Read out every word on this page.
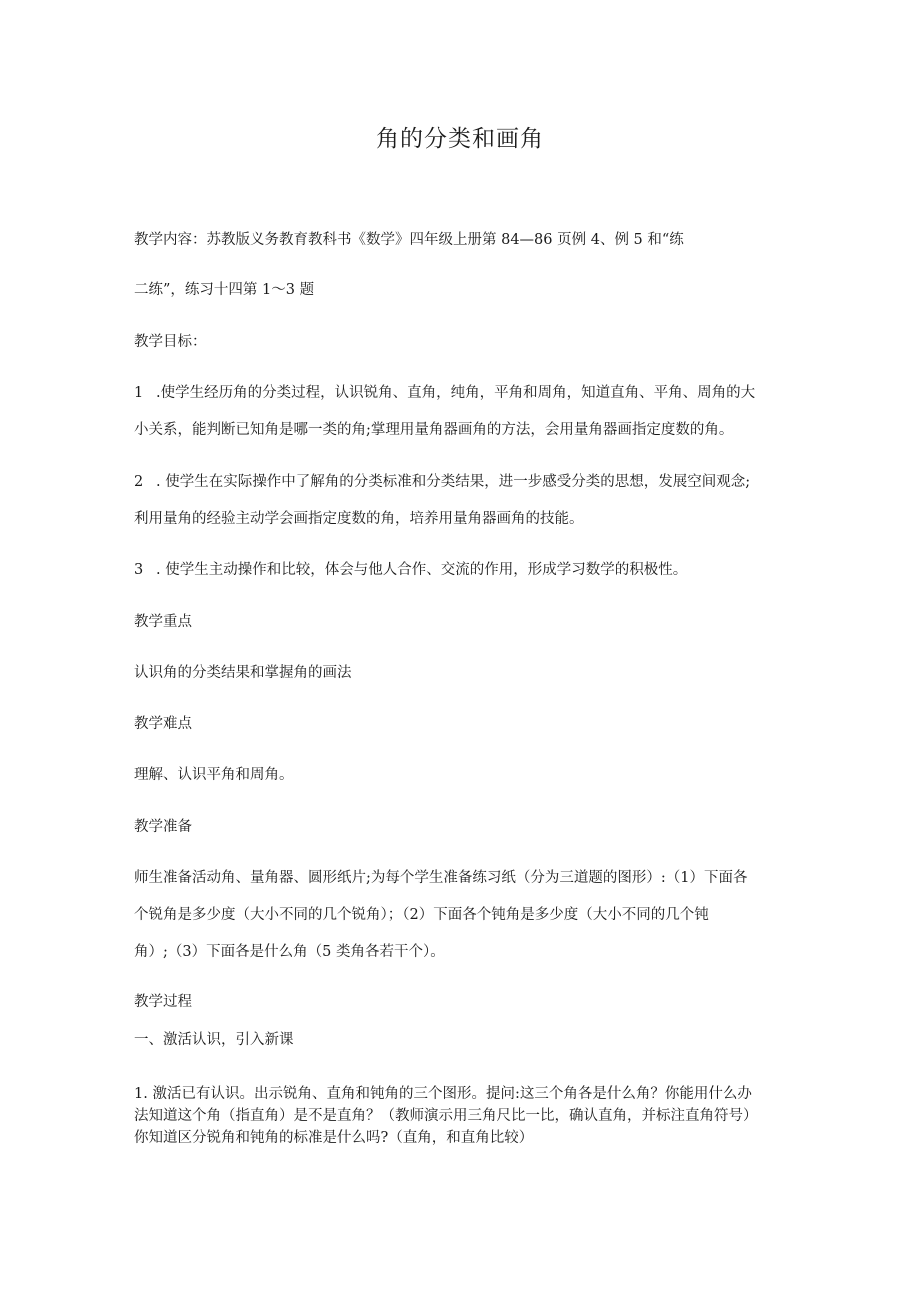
角的分类和画角
教学内容：苏教版义务教育教科书《数学》四年级上册第 84—86 页例 4、例 5 和“练
二练”，练习十四第 1～3 题
教学目标：
1 .使学生经历角的分类过程，认识锐角、直角，纯角，平角和周角，知道直角、平角、周角的大
小关系，能判断已知角是哪一类的角;掌理用量角器画角的方法，会用量角器画指定度数的角。
2 . 使学生在实际操作中了解角的分类标准和分类结果，进一步感受分类的思想，发展空间观念;
利用量角的经验主动学会画指定度数的角，培养用量角器画角的技能。
3 . 使学生主动操作和比较，体会与他人合作、交流的作用，形成学习数学的积极性。
教学重点
认识角的分类结果和掌握角的画法
教学难点
理解、认识平角和周角。
教学准备
师生准备活动角、量角器、圆形纸片;为每个学生准备练习纸（分为三道题的图形）:（1）下面各
个锐角是多少度（大小不同的几个锐角）；（2）下面各个钝角是多少度（大小不同的几个钝
角）;（3）下面各是什么角（5 类角各若干个）。
教学过程
一、激活认识，引入新课
1. 激活已有认识。出示锐角、直角和钝角的三个图形。提问:这三个角各是什么角？你能用什么办
法知道这个角（指直角）是不是直角？（教师演示用三角尺比一比，确认直角，并标注直角符号）
你知道区分锐角和钝角的标准是什么吗?（直角，和直角比较）
